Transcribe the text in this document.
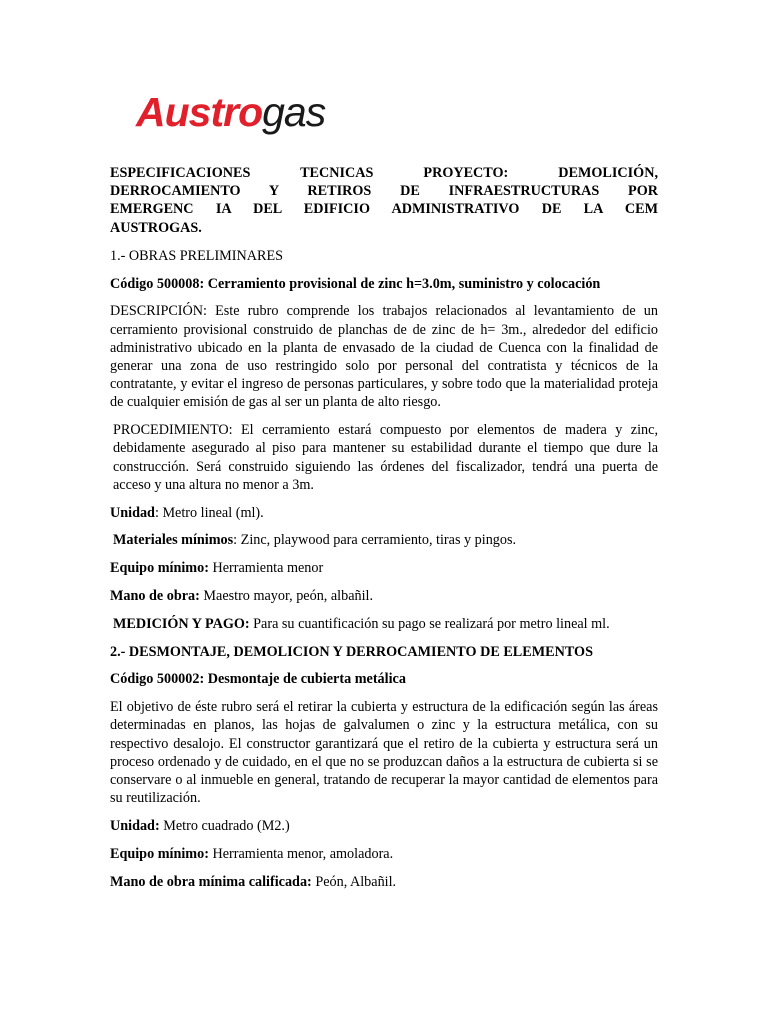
Austrogas
ESPECIFICACIONES TECNICAS PROYECTO: DEMOLICIÓN,
DERROCAMIENTO Y RETIROS DE INFRAESTRUCTURAS POR
EMERGENC IA DEL EDIFICIO ADMINISTRATIVO DE LA CEM
AUSTROGAS.

1.- OBRAS PRELIMINARES

Código 500008: Cerramiento provisional de zinc h=3.0m, suministro y colocación

DESCRIPCIÓN: Este rubro comprende los trabajos relacionados al levantamiento de un cerramiento provisional construido de planchas de de zinc de h= 3m., alrededor del edificio administrativo ubicado en la planta de envasado de la ciudad de Cuenca con la finalidad de generar una zona de uso restringido solo por personal del contratista y técnicos de la contratante, y evitar el ingreso de personas particulares, y sobre todo que la materialidad proteja de cualquier emisión de gas al ser un planta de alto riesgo.

PROCEDIMIENTO: El cerramiento estará compuesto por elementos de madera y zinc, debidamente asegurado al piso para mantener su estabilidad durante el tiempo que dure la construcción. Será construido siguiendo las órdenes del fiscalizador, tendrá una puerta de acceso y una altura no menor a 3m.

Unidad: Metro lineal (ml).

Materiales mínimos: Zinc, playwood para cerramiento, tiras y pingos.

Equipo mínimo: Herramienta menor

Mano de obra: Maestro mayor, peón, albañil.

MEDICIÓN Y PAGO: Para su cuantificación su pago se realizará por metro lineal ml.

2.- DESMONTAJE, DEMOLICION Y DERROCAMIENTO DE ELEMENTOS

Código 500002: Desmontaje de cubierta metálica

El objetivo de éste rubro será el retirar la cubierta y estructura de la edificación según las áreas determinadas en planos, las hojas de galvalumen o zinc y la estructura metálica, con su respectivo desalojo. El constructor garantizará que el retiro de la cubierta y estructura será un proceso ordenado y de cuidado, en el que no se produzcan daños a la estructura de cubierta si se conservare o al inmueble en general, tratando de recuperar la mayor cantidad de elementos para su reutilización.

Unidad: Metro cuadrado (M2.)

Equipo mínimo: Herramienta menor, amoladora.

Mano de obra mínima calificada: Peón, Albañil.
